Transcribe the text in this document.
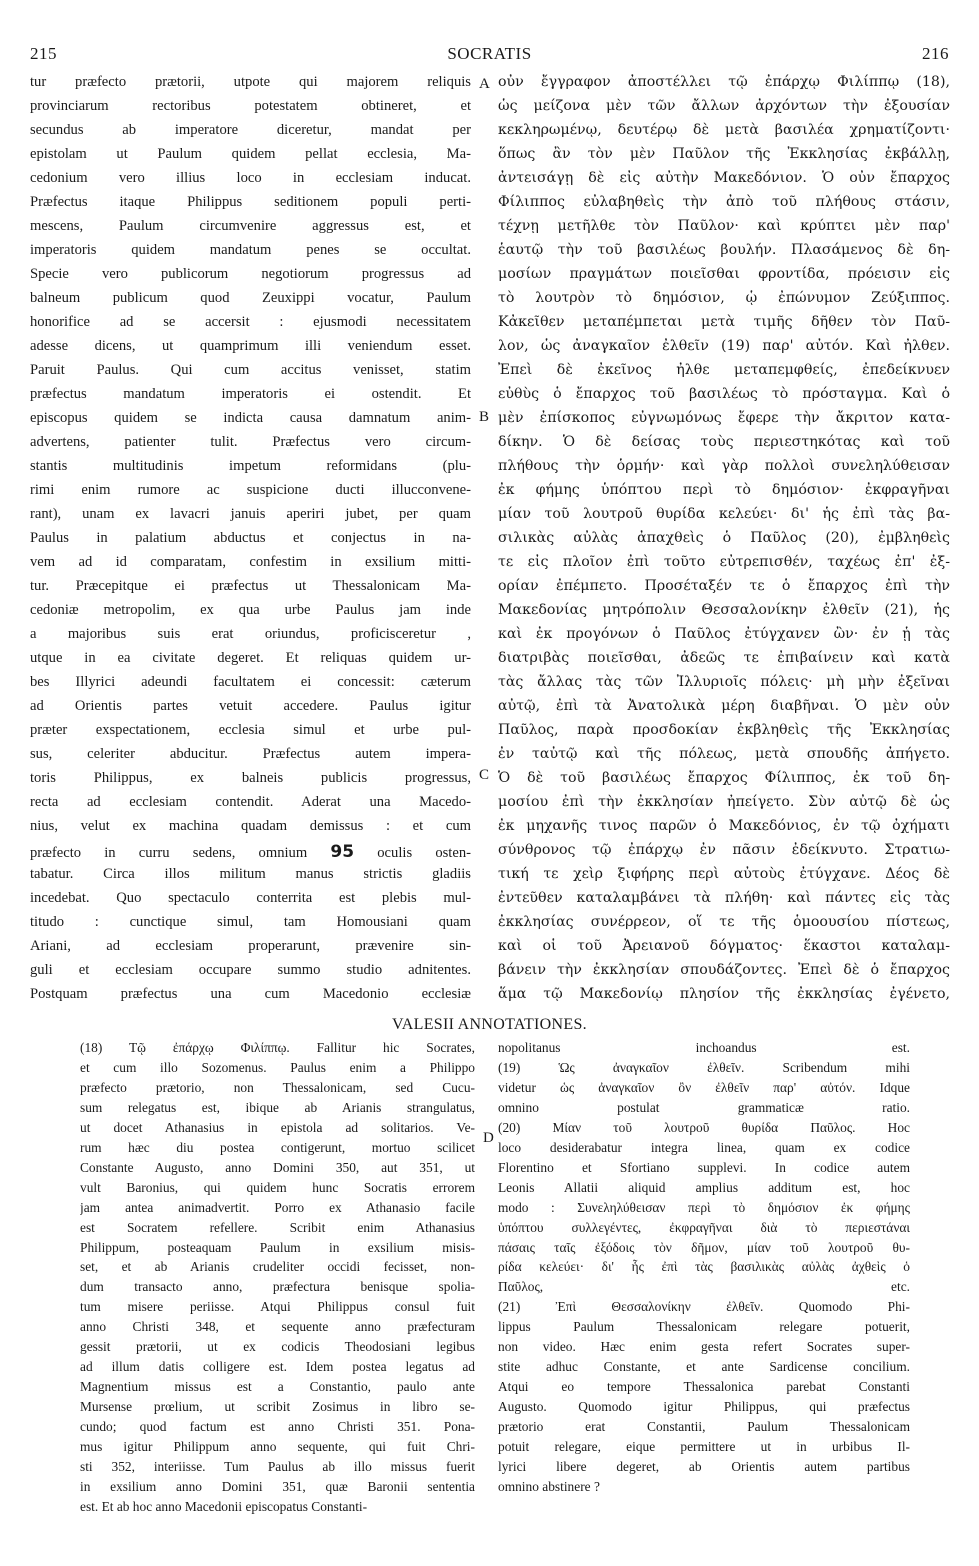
215	SOCRATIS	216
A
B
C
D
tur præfecto prætorii, utpote qui majorem reliquis
provinciarum rectoribus potestatem obtineret, et
secundus ab imperatore diceretur, mandat per
epistolam ut Paulum quidem pellat ecclesia, Ma-
cedonium vero illius loco in ecclesiam inducat.
Præfectus itaque Philippus seditionem populi perti-
mescens, Paulum circumvenire aggressus est, et
imperatoris quidem mandatum penes se occultat.
Specie vero publicorum negotiorum progressus ad
balneum publicum quod Zeuxippi vocatur, Paulum
honorifice ad se accersit : ejusmodi necessitatem
adesse dicens, ut quamprimum illi veniendum esset.
Paruit Paulus. Qui cum accitus venisset, statim
præfectus mandatum imperatoris ei ostendit. Et
episcopus quidem se indicta causa damnatum anim-
advertens, patienter tulit. Præfectus vero circum-
stantis multitudinis impetum reformidans (plu-
rimi enim rumore ac suspicione ducti illucconvene-
rant), unam ex lavacri januis aperiri jubet, per quam
Paulus in palatium abductus et conjectus in na-
vem ad id comparatam, confestim in exsilium mitti-
tur. Præcepitque ei præfectus ut Thessalonicam Ma-
cedoniæ metropolim, ex qua urbe Paulus jam inde
a majoribus suis erat oriundus, proficisceretur ,
utque in ea civitate degeret. Et reliquas quidem ur-
bes Illyrici adeundi facultatem ei concessit: cæterum
ad Orientis partes vetuit accedere. Paulus igitur
præter exspectationem, ecclesia simul et urbe pul-
sus, celeriter abducitur. Præfectus autem impera-
toris Philippus, ex balneis publicis progressus,
recta ad ecclesiam contendit. Aderat una Macedo-
nius, velut ex machina quadam demissus : et cum
præfecto in curru sedens, omnium 95 oculis osten-
tabatur. Circa illos militum manus strictis gladiis
incedebat. Quo spectaculo conterrita est plebis mul-
titudo : cunctique simul, tam Homousiani quam
Ariani, ad ecclesiam properarunt, prævenire sin-
guli et ecclesiam occupare summo studio adnitentes.
Postquam præfectus una cum Macedonio ecclesiæ
οὖν ἔγγραφον ἀποστέλλει τῷ ἐπάρχῳ Φιλίππῳ (18),
ὡς μείζονα μὲν τῶν ἄλλων ἀρχόντων τὴν ἐξουσίαν
κεκληρωμένῳ, δευτέρῳ δὲ μετὰ βασιλέα χρηματίζοντι·
ὅπως ἂν τὸν μὲν Παῦλον τῆς Ἐκκλησίας ἐκβάλλῃ,
ἀντεισάγῃ δὲ εἰς αὐτὴν Μακεδόνιον. Ὁ οὖν ἔπαρχος
Φίλιππος εὐλαβηθεὶς τὴν ἀπὸ τοῦ πλήθους στάσιν,
τέχνῃ μετῆλθε τὸν Παῦλον· καὶ κρύπτει μὲν παρ'
ἑαυτῷ τὴν τοῦ βασιλέως βουλήν. Πλασάμενος δὲ δη-
μοσίων πραγμάτων ποιεῖσθαι φροντίδα, πρόεισιν εἰς
τὸ λουτρὸν τὸ δημόσιον, ᾧ ἐπώνυμον Ζεύξιππος.
Κἀκεῖθεν μεταπέμπεται μετὰ τιμῆς δῆθεν τὸν Παῦ-
λον, ὡς ἀναγκαῖον ἐλθεῖν (19) παρ' αὐτόν. Καὶ ἦλθεν.
Ἐπεὶ δὲ ἐκεῖνος ἦλθε μεταπεμφθείς, ἐπεδείκνυεν
εὐθὺς ὁ ἔπαρχος τοῦ βασιλέως τὸ πρόσταγμα. Καὶ ὁ
μὲν ἐπίσκοπος εὐγνωμόνως ἔφερε τὴν ἄκριτον κατα-
δίκην. Ὁ δὲ δείσας τοὺς περιεστηκότας καὶ τοῦ
πλήθους τὴν ὁρμήν· καὶ γὰρ πολλοὶ συνεληλύθεισαν
ἐκ φήμης ὑπόπτου περὶ τὸ δημόσιον· ἐκφραγῆναι
μίαν τοῦ λουτροῦ θυρίδα κελεύει· δι' ἧς ἐπὶ τὰς βα-
σιλικὰς αὐλὰς ἀπαχθεὶς ὁ Παῦλος (20), ἐμβληθεὶς
τε εἰς πλοῖον ἐπὶ τοῦτο εὐτρεπισθέν, ταχέως ἐπ' ἐξ-
ορίαν ἐπέμπετο. Προσέταξέν τε ὁ ἔπαρχος ἐπὶ τὴν
Μακεδονίας μητρόπολιν Θεσσαλονίκην ἐλθεῖν (21), ἧς
καὶ ἐκ προγόνων ὁ Παῦλος ἐτύγχανεν ὢν· ἐν ᾗ τὰς
διατριβὰς ποιεῖσθαι, ἀδεῶς τε ἐπιβαίνειν καὶ κατὰ
τὰς ἄλλας τὰς τῶν Ἰλλυριοῖς πόλεις· μὴ μὴν ἐξεῖναι
αὐτῷ, ἐπὶ τὰ Ἀνατολικὰ μέρη διαβῆναι. Ὁ μὲν οὖν
Παῦλος, παρὰ προσδοκίαν ἐκβληθεὶς τῆς Ἐκκλησίας
ἐν ταὐτῷ καὶ τῆς πόλεως, μετὰ σπουδῆς ἀπήγετο.
Ὁ δὲ τοῦ βασιλέως ἔπαρχος Φίλιππος, ἐκ τοῦ δη-
μοσίου ἐπὶ τὴν ἐκκλησίαν ἠπείγετο. Σὺν αὐτῷ δὲ ὡς
ἐκ μηχανῆς τινος παρῶν ὁ Μακεδόνιος, ἐν τῷ ὀχήματι
σύνθρονος τῷ ἐπάρχῳ ἐν πᾶσιν ἐδείκνυτο. Στρατιω-
τική τε χεὶρ ξιφήρης περὶ αὐτοὺς ἐτύγχανε. Δέος δὲ
ἐντεῦθεν καταλαμβάνει τὰ πλήθη· καὶ πάντες εἰς τὰς
ἐκκλησίας συνέρρεον, οἵ τε τῆς ὁμοουσίου πίστεως,
καὶ οἱ τοῦ Ἀρειανοῦ δόγματος· ἕκαστοι καταλαμ-
βάνειν τὴν ἐκκλησίαν σπουδάζοντες. Ἐπεὶ δὲ ὁ ἔπαρχος
ἅμα τῷ Μακεδονίῳ πλησίον τῆς ἐκκλησίας ἐγένετο,
VALESII ANNOTATIONES.
(18) Τῷ ἐπάρχῳ Φιλίππῳ. Fallitur hic Socrates,
et cum illo Sozomenus. Paulus enim a Philippo
præfecto prætorio, non Thessalonicam, sed Cucu-
sum relegatus est, ibique ab Arianis strangulatus,
ut docet Athanasius in epistola ad solitarios. Ve-
rum hæc diu postea contigerunt, mortuo scilicet
Constante Augusto, anno Domini 350, aut 351, ut
vult Baronius, qui quidem hunc Socratis errorem
jam antea animadvertit. Porro ex Athanasio facile
est Socratem refellere. Scribit enim Athanasius
Philippum, posteaquam Paulum in exsilium misis-
set, et ab Arianis crudeliter occidi fecisset, non-
dum transacto anno, præfectura benisque spolia-
tum misere periisse. Atqui Philippus consul fuit
anno Christi 348, et sequente anno præfecturam
gessit prætorii, ut ex codicis Theodosiani legibus
ad illum datis colligere est. Idem postea legatus ad
Magnentium missus est a Constantio, paulo ante
Mursense prœlium, ut scribit Zosimus in libro se-
cundo; quod factum est anno Christi 351. Pona-
mus igitur Philippum anno sequente, qui fuit Chri-
sti 352, interiisse. Tum Paulus ab illo missus fuerit
in exsilium anno Domini 351, quæ Baronii sententia
est. Et ab hoc anno Macedonii episcopatus Constanti-
nopolitanus inchoandus est.
(19) Ὡς ἀναγκαῖον ἐλθεῖν. Scribendum mihi
videtur ὡς ἀναγκαῖον ὂν ἐλθεῖν παρ' αὐτόν. Idque
omnino postulat grammaticæ ratio.
(20) Μίαν τοῦ λουτροῦ θυρίδα Παῦλος. Hoc
loco desiderabatur integra linea, quam ex codice
Florentino et Sfortiano supplevi. In codice autem
Leonis Allatii aliquid amplius additum est, hoc
modo : Συνεληλύθεισαν περὶ τὸ δημόσιον ἐκ φήμης
ὑπόπτου συλλεγέντες, ἐκφραγῆναι διὰ τὸ περιεστάναι
πάσαις ταῖς ἐξόδοις τὸν δῆμον, μίαν τοῦ λουτροῦ θυ-
ρίδα κελεύει· δι' ἧς ἐπὶ τὰς βασιλικὰς αὐλὰς ἀχθεὶς ὁ
Παῦλος, etc.
(21) Ἐπὶ Θεσσαλονίκην ἐλθεῖν. Quomodo Phi-
lippus Paulum Thessalonicam relegare potuerit,
non video. Hæc enim gesta refert Socrates super-
stite adhuc Constante, et ante Sardicense concilium.
Atqui eo tempore Thessalonica parebat Constanti
Augusto. Quomodo igitur Philippus, qui præfectus
prætorio erat Constantii, Paulum Thessalonicam
potuit relegare, eique permittere ut in urbibus Il-
lyrici libere degeret, ab Orientis autem partibus
omnino abstinere ?
